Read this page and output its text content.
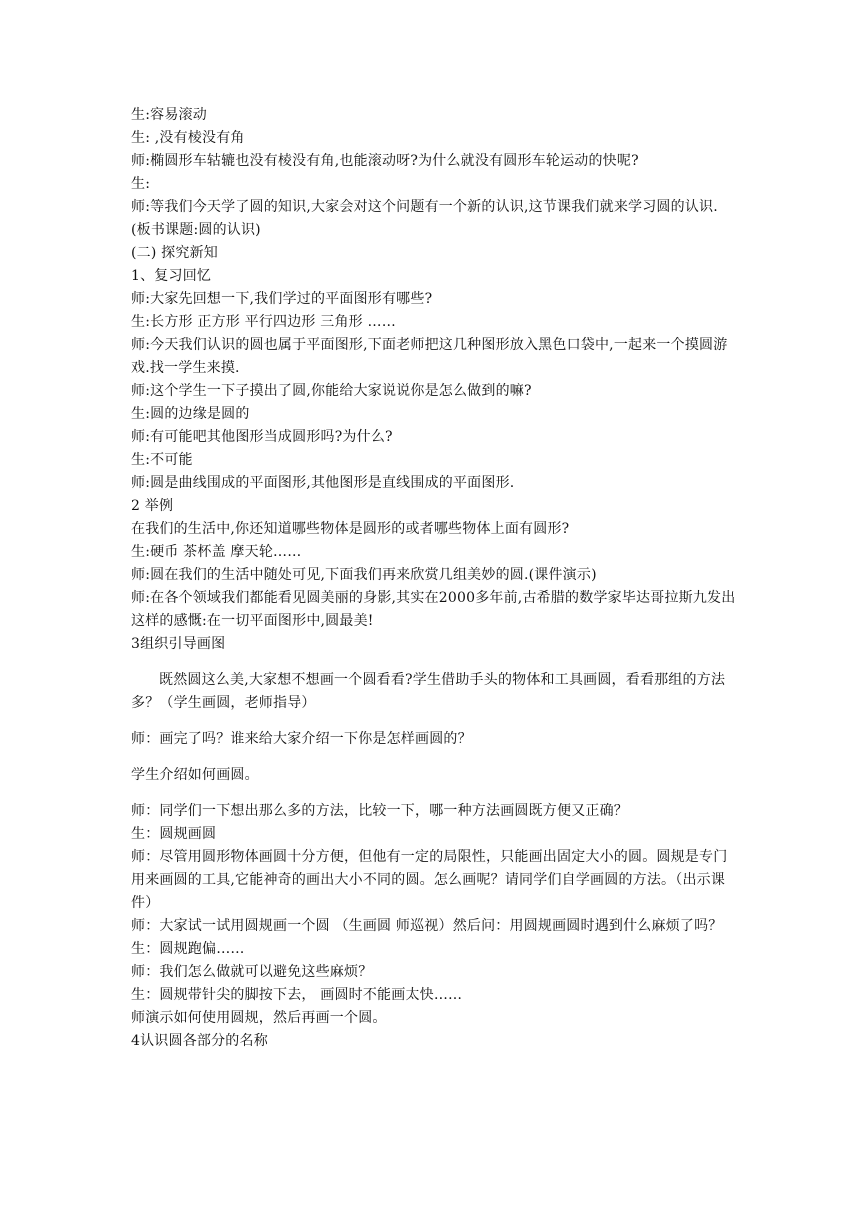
生:容易滚动
生: ,没有棱没有角
师:椭圆形车轱辘也没有棱没有角,也能滚动呀?为什么就没有圆形车轮运动的快呢?
生:
师:等我们今天学了圆的知识,大家会对这个问题有一个新的认识,这节课我们就来学习圆的认识.(板书课题:圆的认识)
(二) 探究新知
1、复习回忆
师:大家先回想一下,我们学过的平面图形有哪些?
生:长方形 正方形 平行四边形 三角形 ……
师:今天我们认识的圆也属于平面图形,下面老师把这几种图形放入黑色口袋中,一起来一个摸圆游戏.找一学生来摸.
师:这个学生一下子摸出了圆,你能给大家说说你是怎么做到的嘛?
生:圆的边缘是圆的
师:有可能吧其他图形当成圆形吗?为什么?
生:不可能
师:圆是曲线围成的平面图形,其他图形是直线围成的平面图形.
2 举例
在我们的生活中,你还知道哪些物体是圆形的或者哪些物体上面有圆形?
生:硬币 茶杯盖 摩天轮……
师:圆在我们的生活中随处可见,下面我们再来欣赏几组美妙的圆.(课件演示)
师:在各个领域我们都能看见圆美丽的身影,其实在2000多年前,古希腊的数学家毕达哥拉斯九发出这样的感慨:在一切平面图形中,圆最美!
3组织引导画图
既然圆这么美,大家想不想画一个圆看看?学生借助手头的物体和工具画圆，看看那组的方法多？（学生画圆，老师指导）
师：画完了吗？谁来给大家介绍一下你是怎样画圆的？
学生介绍如何画圆。
师：同学们一下想出那么多的方法，比较一下，哪一种方法画圆既方便又正确？
生：圆规画圆
师：尽管用圆形物体画圆十分方便，但他有一定的局限性，只能画出固定大小的圆。圆规是专门用来画圆的工具,它能神奇的画出大小不同的圆。怎么画呢？请同学们自学画圆的方法。（出示课件）
师：大家试一试用圆规画一个圆 （生画圆 师巡视）然后问：用圆规画圆时遇到什么麻烦了吗？
生：圆规跑偏……
师：我们怎么做就可以避免这些麻烦？
生：圆规带针尖的脚按下去， 画圆时不能画太快……
师演示如何使用圆规，然后再画一个圆。
4认识圆各部分的名称
